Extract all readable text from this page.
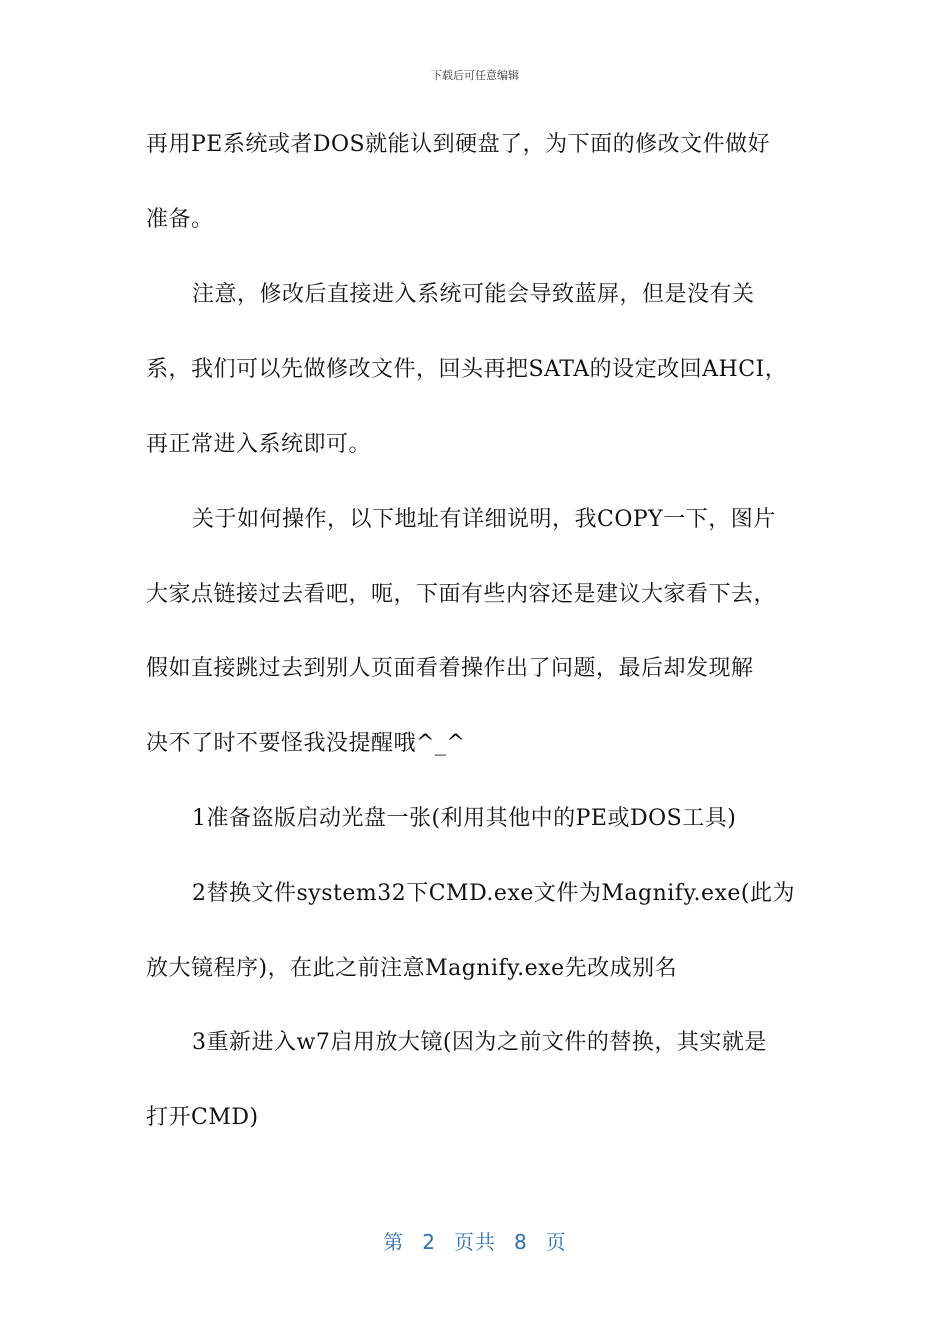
下载后可任意编辑
再用PE系统或者DOS就能认到硬盘了，为下面的修改文件做好
准备。
注意，修改后直接进入系统可能会导致蓝屏，但是没有关
系，我们可以先做修改文件，回头再把SATA的设定改回AHCI，
再正常进入系统即可。
关于如何操作，以下地址有详细说明，我COPY一下，图片
大家点链接过去看吧，呃，下面有些内容还是建议大家看下去，
假如直接跳过去到别人页面看着操作出了问题，最后却发现解
决不了时不要怪我没提醒哦^_^
1准备盗版启动光盘一张(利用其他中的PE或DOS工具)
2替换文件system32下CMD.exe文件为Magnify.exe(此为
放大镜程序)，在此之前注意Magnify.exe先改成别名
3重新进入w7启用放大镜(因为之前文件的替换，其实就是
打开CMD)
第 2 页共 8 页
